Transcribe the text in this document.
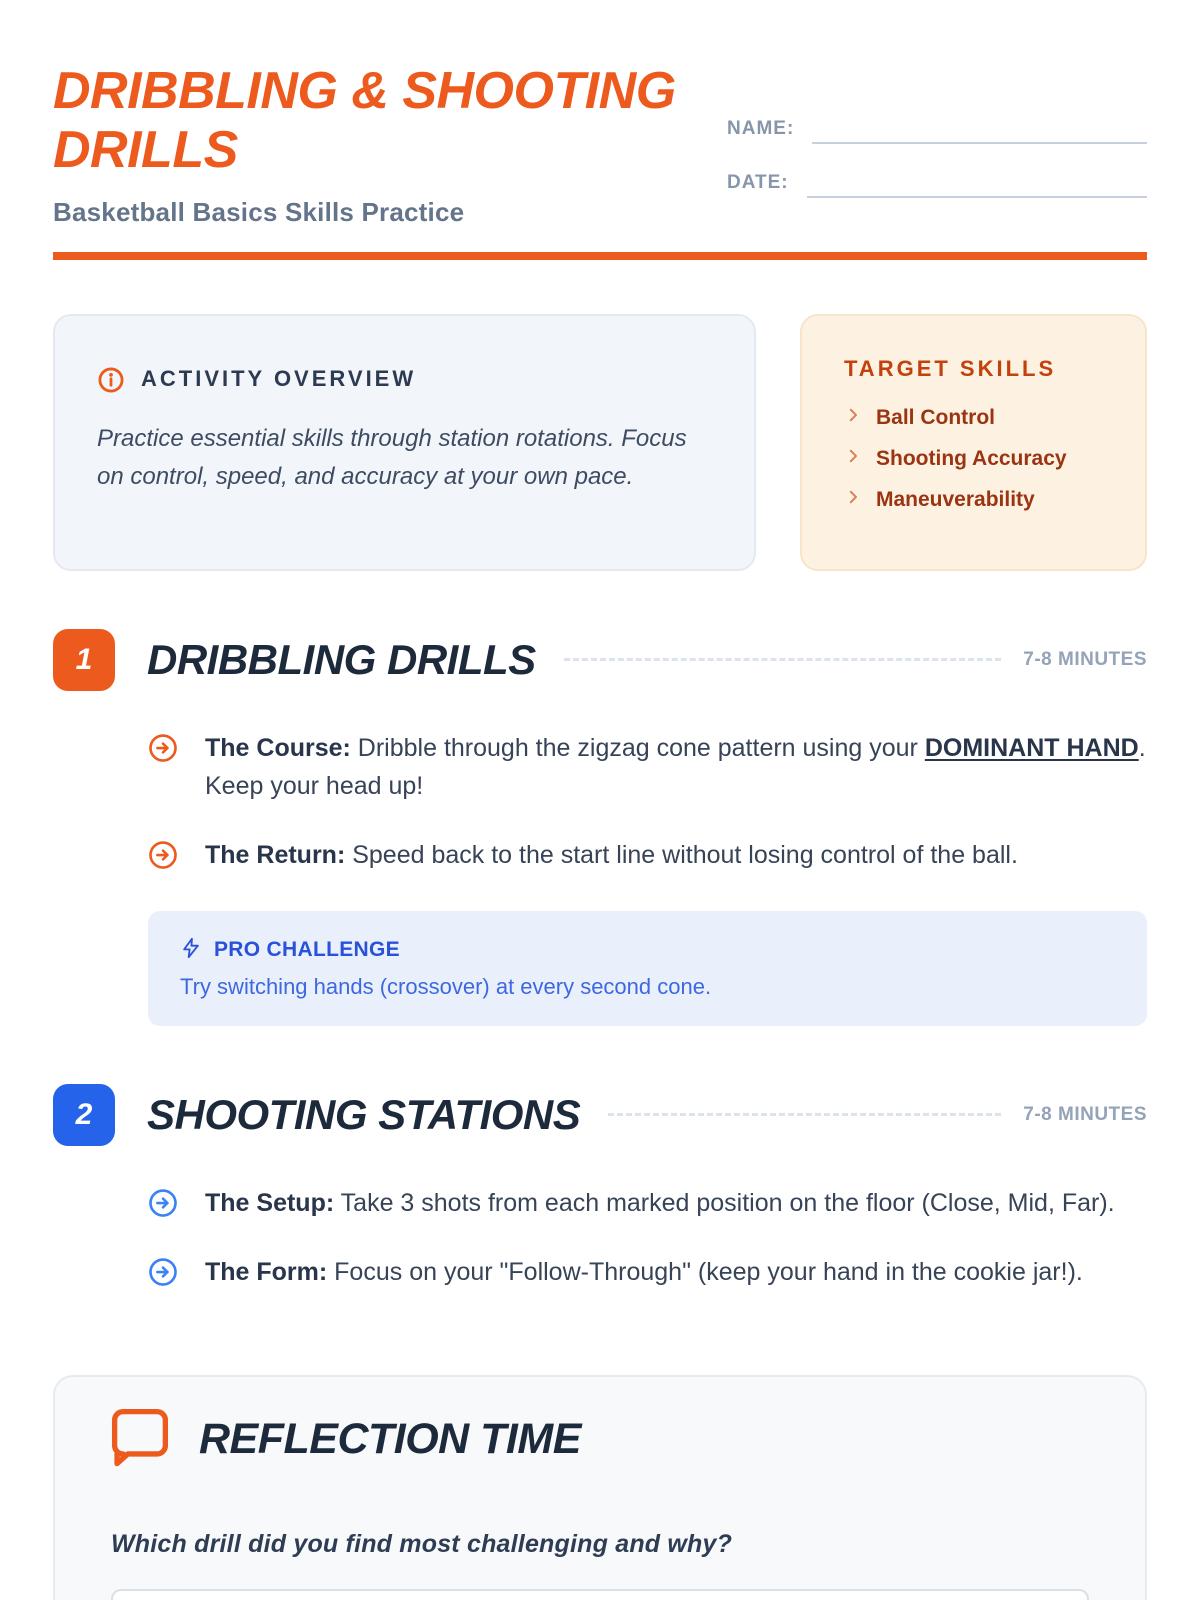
DRIBBLING & SHOOTING
DRILLS
Basketball Basics Skills Practice
NAME:
DATE:
ACTIVITY OVERVIEW

Practice essential skills through station rotations. Focus on control, speed, and accuracy at your own pace.

TARGET SKILLS
Ball Control
Shooting Accuracy
Maneuverability
1	DRIBBLING DRILLS	7-8 MINUTES

The Course: Dribble through the zigzag cone pattern using your DOMINANT HAND. Keep your head up!

The Return: Speed back to the start line without losing control of the ball.

PRO CHALLENGE
Try switching hands (crossover) at every second cone.
2	SHOOTING STATIONS	7-8 MINUTES

The Setup: Take 3 shots from each marked position on the floor (Close, Mid, Far).

The Form: Focus on your "Follow-Through" (keep your hand in the cookie jar!).

REFLECTION TIME
Which drill did you find most challenging and why?
